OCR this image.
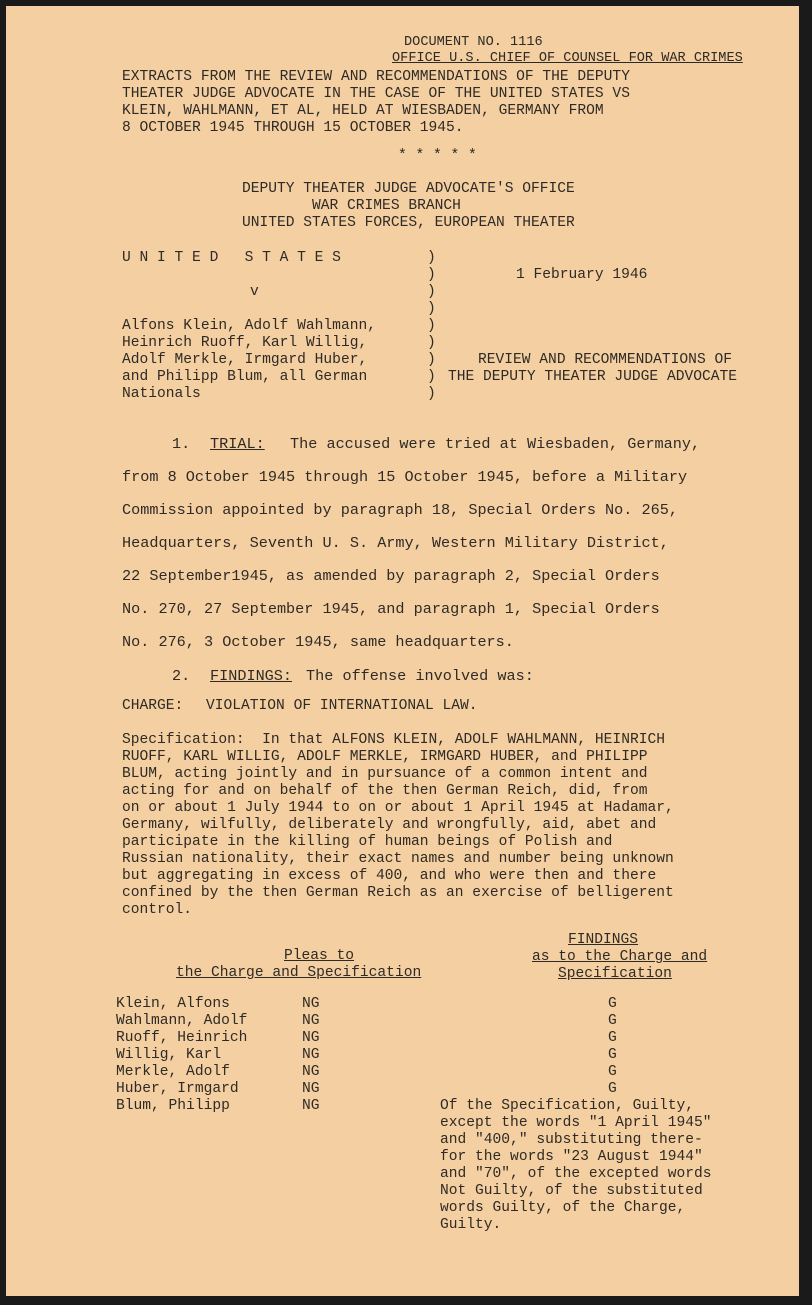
DOCUMENT NO. 1116
OFFICE U.S. CHIEF OF COUNSEL FOR WAR CRIMES
EXTRACTS FROM THE REVIEW AND RECOMMENDATIONS OF THE DEPUTY
THEATER JUDGE ADVOCATE IN THE CASE OF THE UNITED STATES VS
KLEIN, WAHLMANN, ET AL, HELD AT WIESBADEN, GERMANY FROM
8 OCTOBER 1945 THROUGH 15 OCTOBER 1945.
* * * * *
DEPUTY THEATER JUDGE ADVOCATE'S OFFICE
WAR CRIMES BRANCH
UNITED STATES FORCES, EUROPEAN THEATER
U N I T E D   S T A T E S
v
Alfons Klein, Adolf Wahlmann,
Heinrich Ruoff, Karl Willig,
Adolf Merkle, Irmgard Huber,
and Philipp Blum, all German
Nationals
)
)
)
)
)
)
)
)
)
1 February 1946
REVIEW AND RECOMMENDATIONS OF
THE DEPUTY THEATER JUDGE ADVOCATE
1. TRIAL: The accused were tried at Wiesbaden, Germany,
from 8 October 1945 through 15 October 1945, before a Military
Commission appointed by paragraph 18, Special Orders No. 265,
Headquarters, Seventh U. S. Army, Western Military District,
22 September1945, as amended by paragraph 2, Special Orders
No. 270, 27 September 1945, and paragraph 1, Special Orders
No. 276, 3 October 1945, same headquarters.
2. FINDINGS: The offense involved was:
CHARGE: VIOLATION OF INTERNATIONAL LAW.
Specification:  In that ALFONS KLEIN, ADOLF WAHLMANN, HEINRICH
RUOFF, KARL WILLIG, ADOLF MERKLE, IRMGARD HUBER, and PHILIPP
BLUM, acting jointly and in pursuance of a common intent and
acting for and on behalf of the then German Reich, did, from
on or about 1 July 1944 to on or about 1 April 1945 at Hadamar,
Germany, wilfully, deliberately and wrongfully, aid, abet and
participate in the killing of human beings of Polish and
Russian nationality, their exact names and number being unknown
but aggregating in excess of 400, and who were then and there
confined by the then German Reich as an exercise of belligerent
control.
Pleas to
the Charge and Specification
FINDINGS
as to the Charge and
Specification
Klein, Alfons	NG	G
Wahlmann, Adolf	NG	G
Ruoff, Heinrich	NG	G
Willig, Karl	NG	G
Merkle, Adolf	NG	G
Huber, Irmgard	NG	G
Blum, Philipp	NG	Of the Specification, Guilty,
except the words "1 April 1945"
and "400," substituting there-
for the words "23 August 1944"
and "70", of the excepted words
Not Guilty, of the substituted
words Guilty, of the Charge,
Guilty.
